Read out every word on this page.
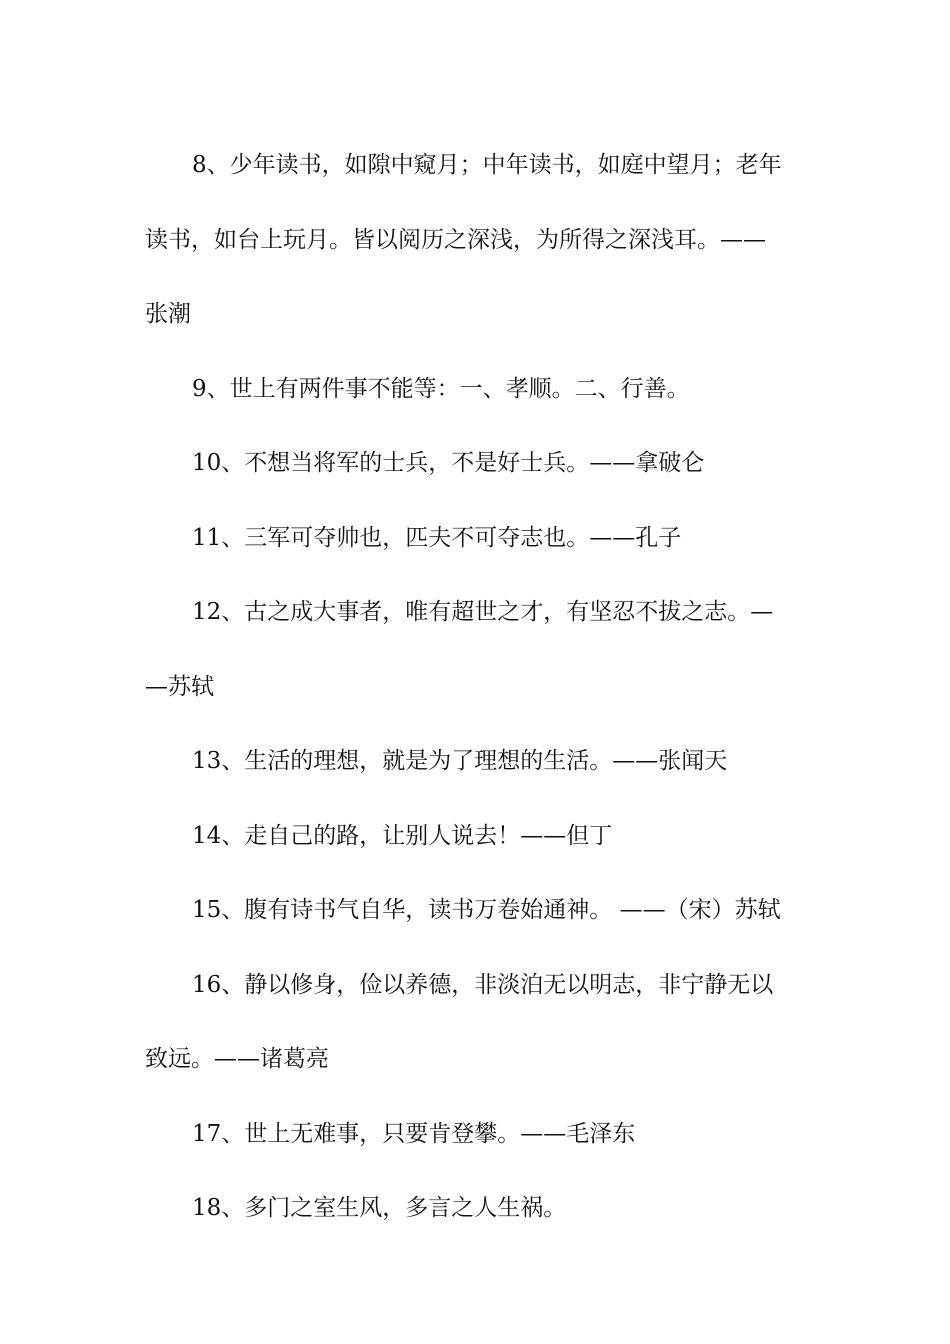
8、少年读书，如隙中窥月；中年读书，如庭中望月；老年
读书，如台上玩月。皆以阅历之深浅，为所得之深浅耳。——
张潮
9、世上有两件事不能等：一、孝顺。二、行善。
10、不想当将军的士兵，不是好士兵。——拿破仑
11、三军可夺帅也，匹夫不可夺志也。——孔子
12、古之成大事者，唯有超世之才，有坚忍不拔之志。—
—苏轼
13、生活的理想，就是为了理想的生活。——张闻天
14、走自己的路，让别人说去！——但丁
15、腹有诗书气自华，读书万卷始通神。 ——（宋）苏轼
16、静以修身，俭以养德，非淡泊无以明志，非宁静无以
致远。——诸葛亮
17、世上无难事，只要肯登攀。——毛泽东
18、多门之室生风，多言之人生祸。
